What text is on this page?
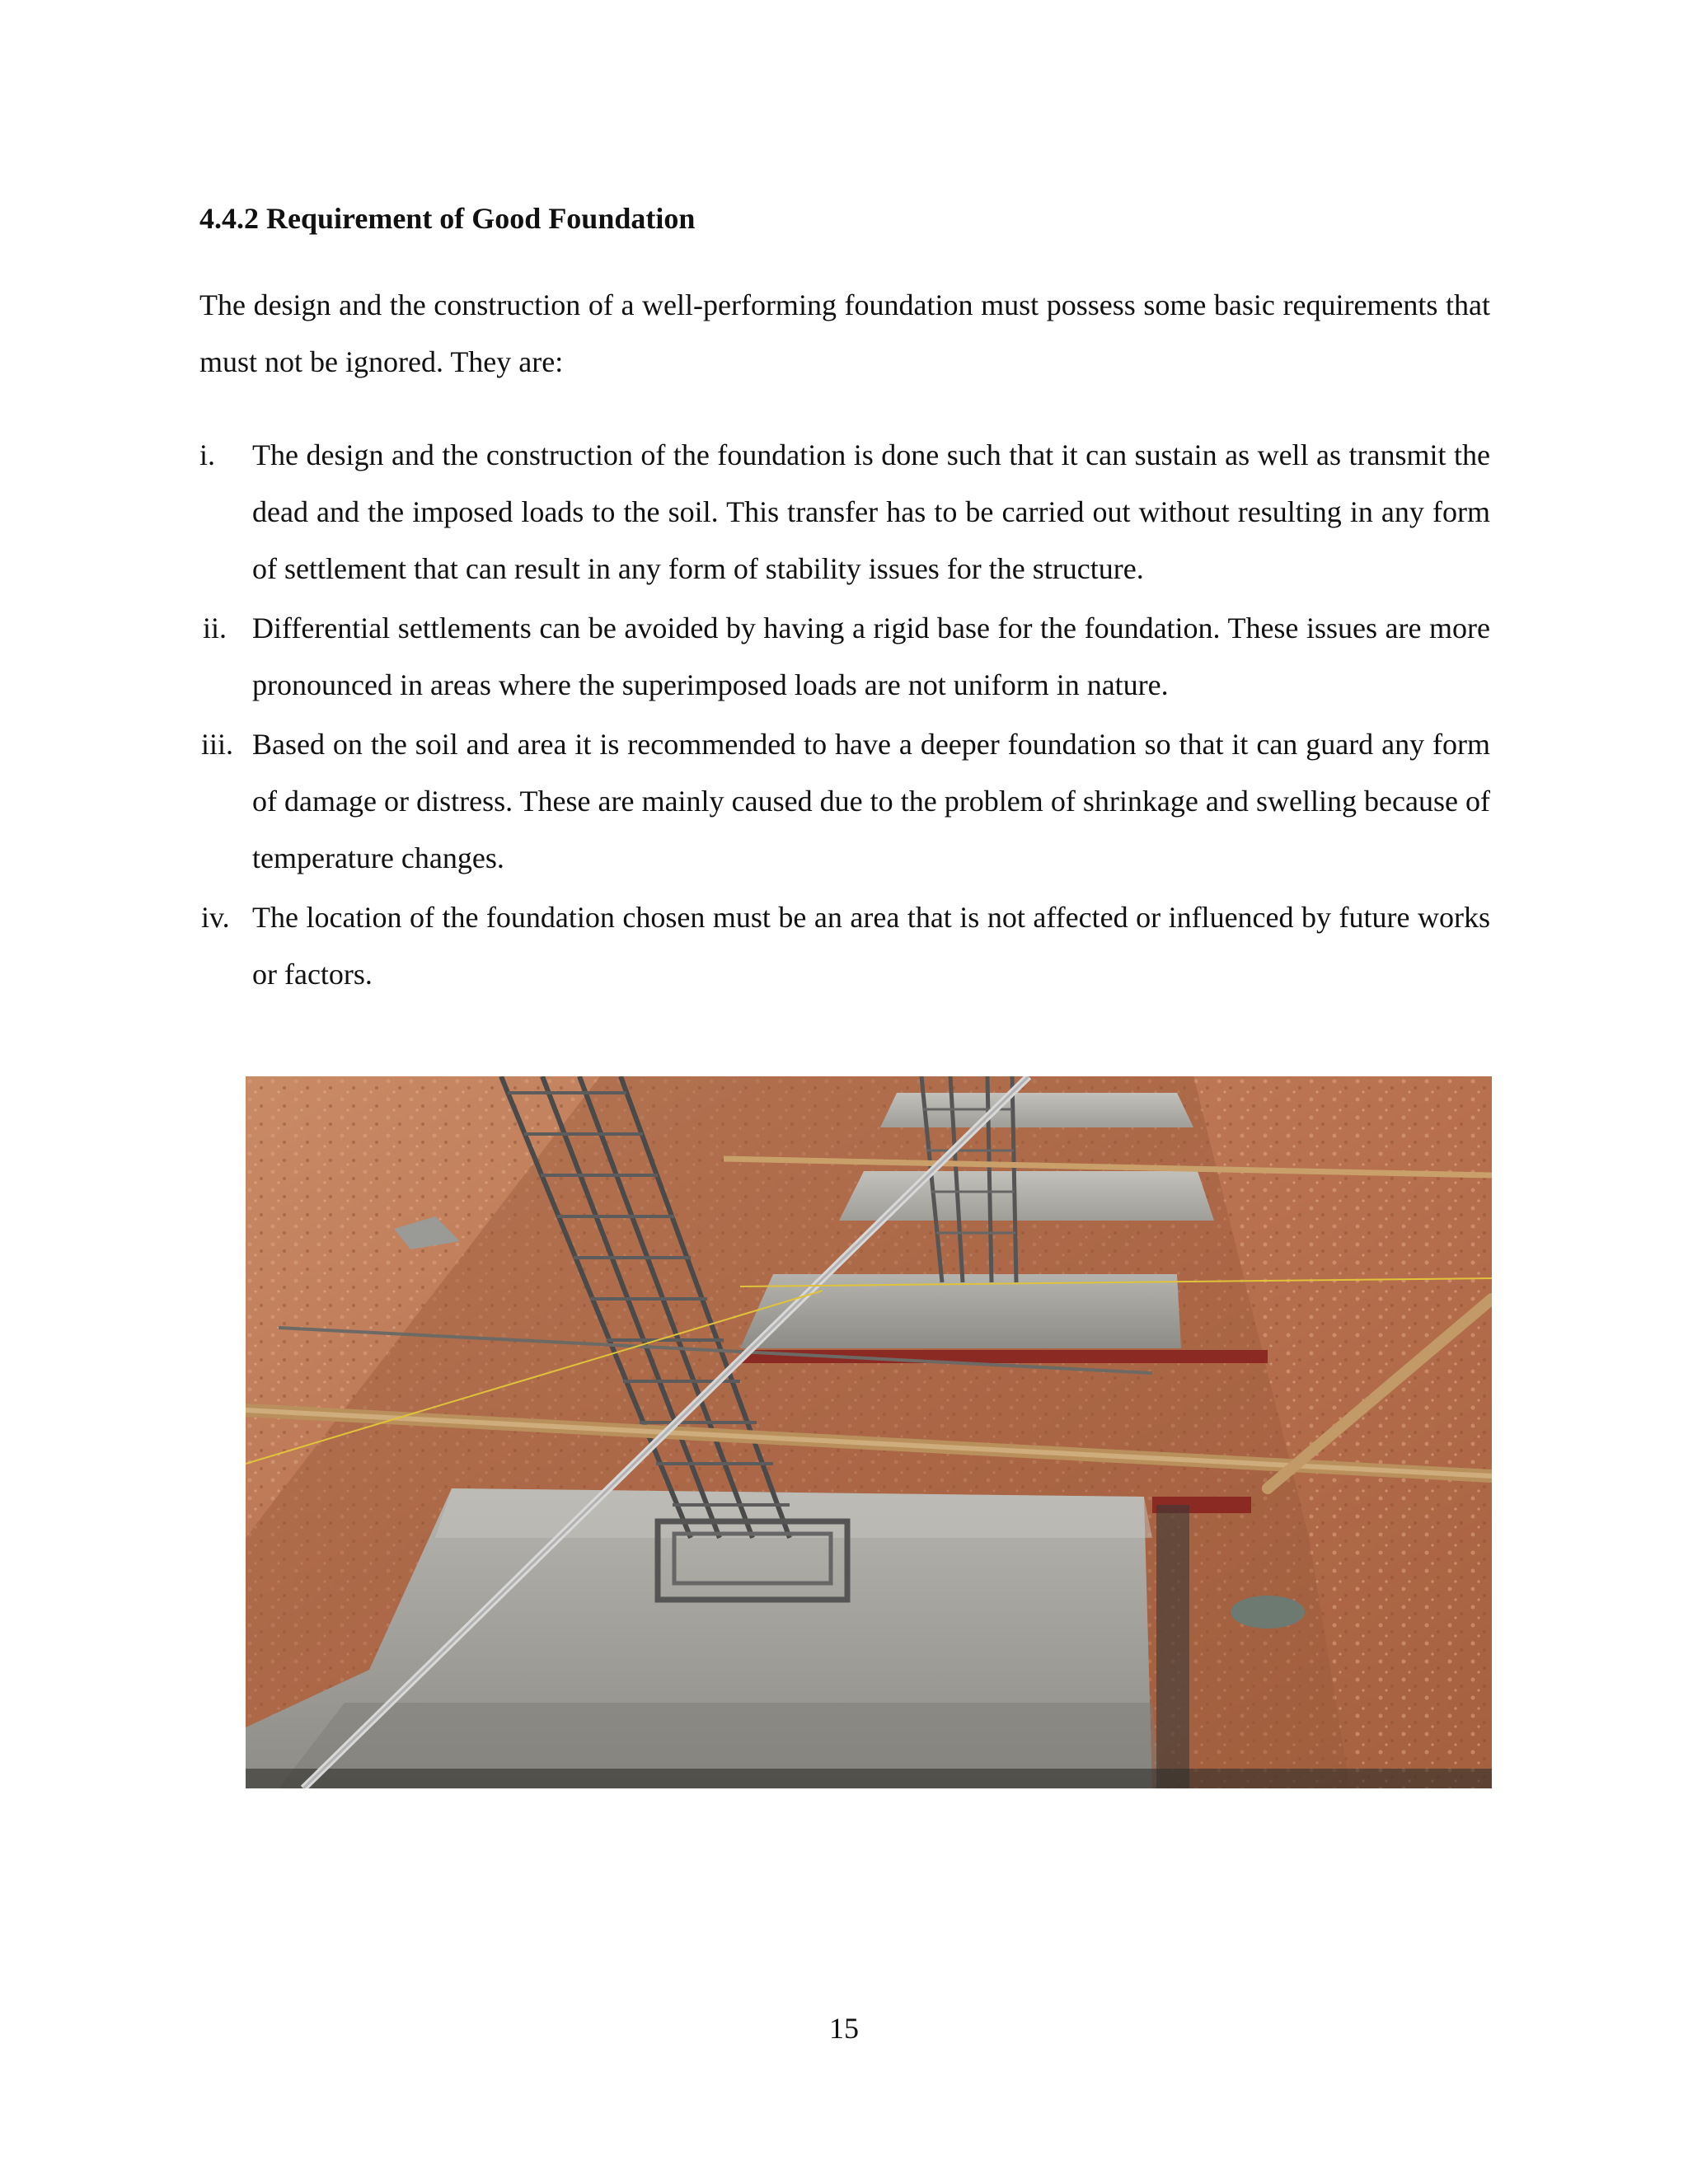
4.4.2 Requirement of Good Foundation

The design and the construction of a well-performing foundation must possess some basic requirements that must not be ignored. They are:

i. The design and the construction of the foundation is done such that it can sustain as well as transmit the dead and the imposed loads to the soil. This transfer has to be carried out without resulting in any form of settlement that can result in any form of stability issues for the structure.
ii. Differential settlements can be avoided by having a rigid base for the foundation. These issues are more pronounced in areas where the superimposed loads are not uniform in nature.
iii. Based on the soil and area it is recommended to have a deeper foundation so that it can guard any form of damage or distress. These are mainly caused due to the problem of shrinkage and swelling because of temperature changes.
iv. The location of the foundation chosen must be an area that is not affected or influenced by future works or factors.
15
